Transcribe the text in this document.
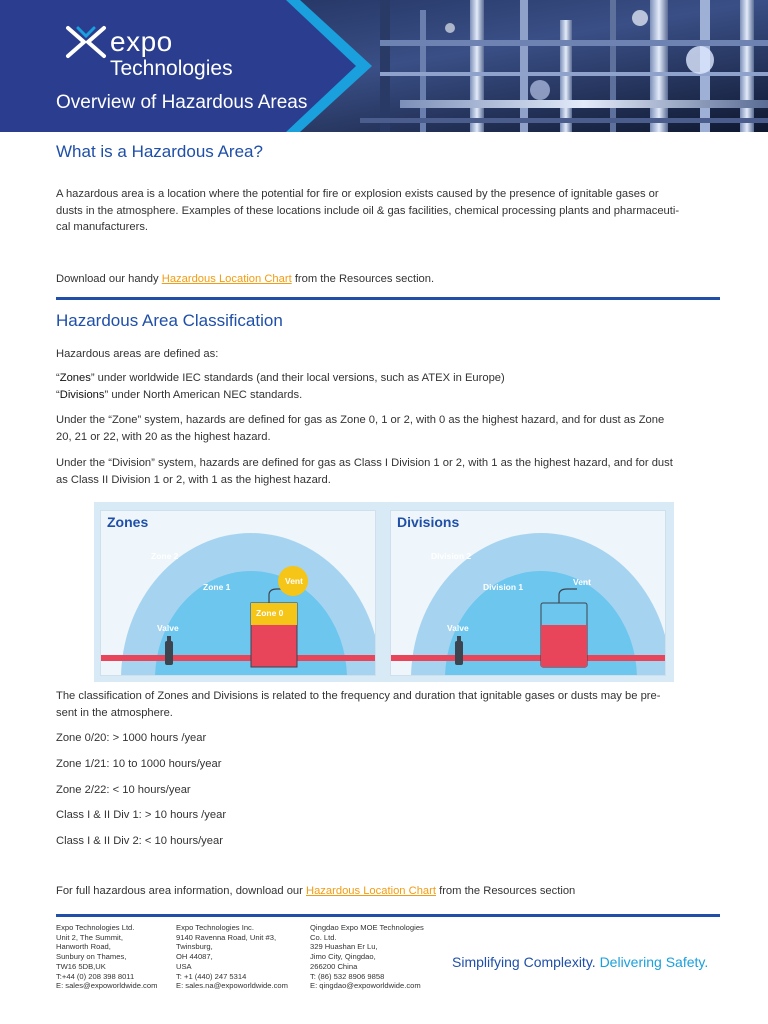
expo
Technologies
Overview of Hazardous Areas
What is a Hazardous Area?
A hazardous area is a location where the potential for fire or explosion exists caused by the presence of ignitable gases or
dusts in the atmosphere. Examples of these locations include oil & gas facilities, chemical processing plants and pharmaceuti-
cal manufacturers.
Download our handy Hazardous Location Chart from the Resources section.
Hazardous Area Classification
Hazardous areas are defined as:
“Zones” under worldwide IEC standards (and their local versions, such as ATEX in Europe)
“Divisions” under North American NEC standards.
Under the “Zone” system, hazards are defined for gas as Zone 0, 1 or 2, with 0 as the highest hazard, and for dust as Zone
20, 21 or 22, with 20 as the highest hazard.
Under the “Division” system, hazards are defined for gas as Class I Division 1 or 2, with 1 as the highest hazard, and for dust
as Class II Division 1 or 2, with 1 as the highest hazard.
Zones
Zone 2
Zone 1
Zone 0
Vent
Valve
Divisions
Division 2
Division 1	Vent
Valve
The classification of Zones and Divisions is related to the frequency and duration that ignitable gases or dusts may be pre-
sent in the atmosphere.
Zone 0/20: > 1000 hours /year
Zone 1/21: 10 to 1000 hours/year
Zone 2/22: < 10 hours/year
Class I & II Div 1: > 10 hours /year
Class I & II Div 2: < 10 hours/year
For full hazardous area information, download our Hazardous Location Chart from the Resources section
Expo Technologies Ltd.
Unit 2, The Summit,
Hanworth Road,
Sunbury on Thames,
TW16 5DB,UK
T:+44 (0) 208 398 8011
E: sales@expoworldwide.com
Expo Technologies Inc.
9140 Ravenna Road, Unit #3,
Twinsburg,
OH 44087,
USA
T: +1 (440) 247 5314
E: sales.na@expoworldwide.com
Qingdao Expo MOE Technologies
Co. Ltd.
329 Huashan Er Lu,
Jimo City, Qingdao,
266200 China
T: (86) 532 8906 9858
E: qingdao@expoworldwide.com
Simplifying Complexity. Delivering Safety.
